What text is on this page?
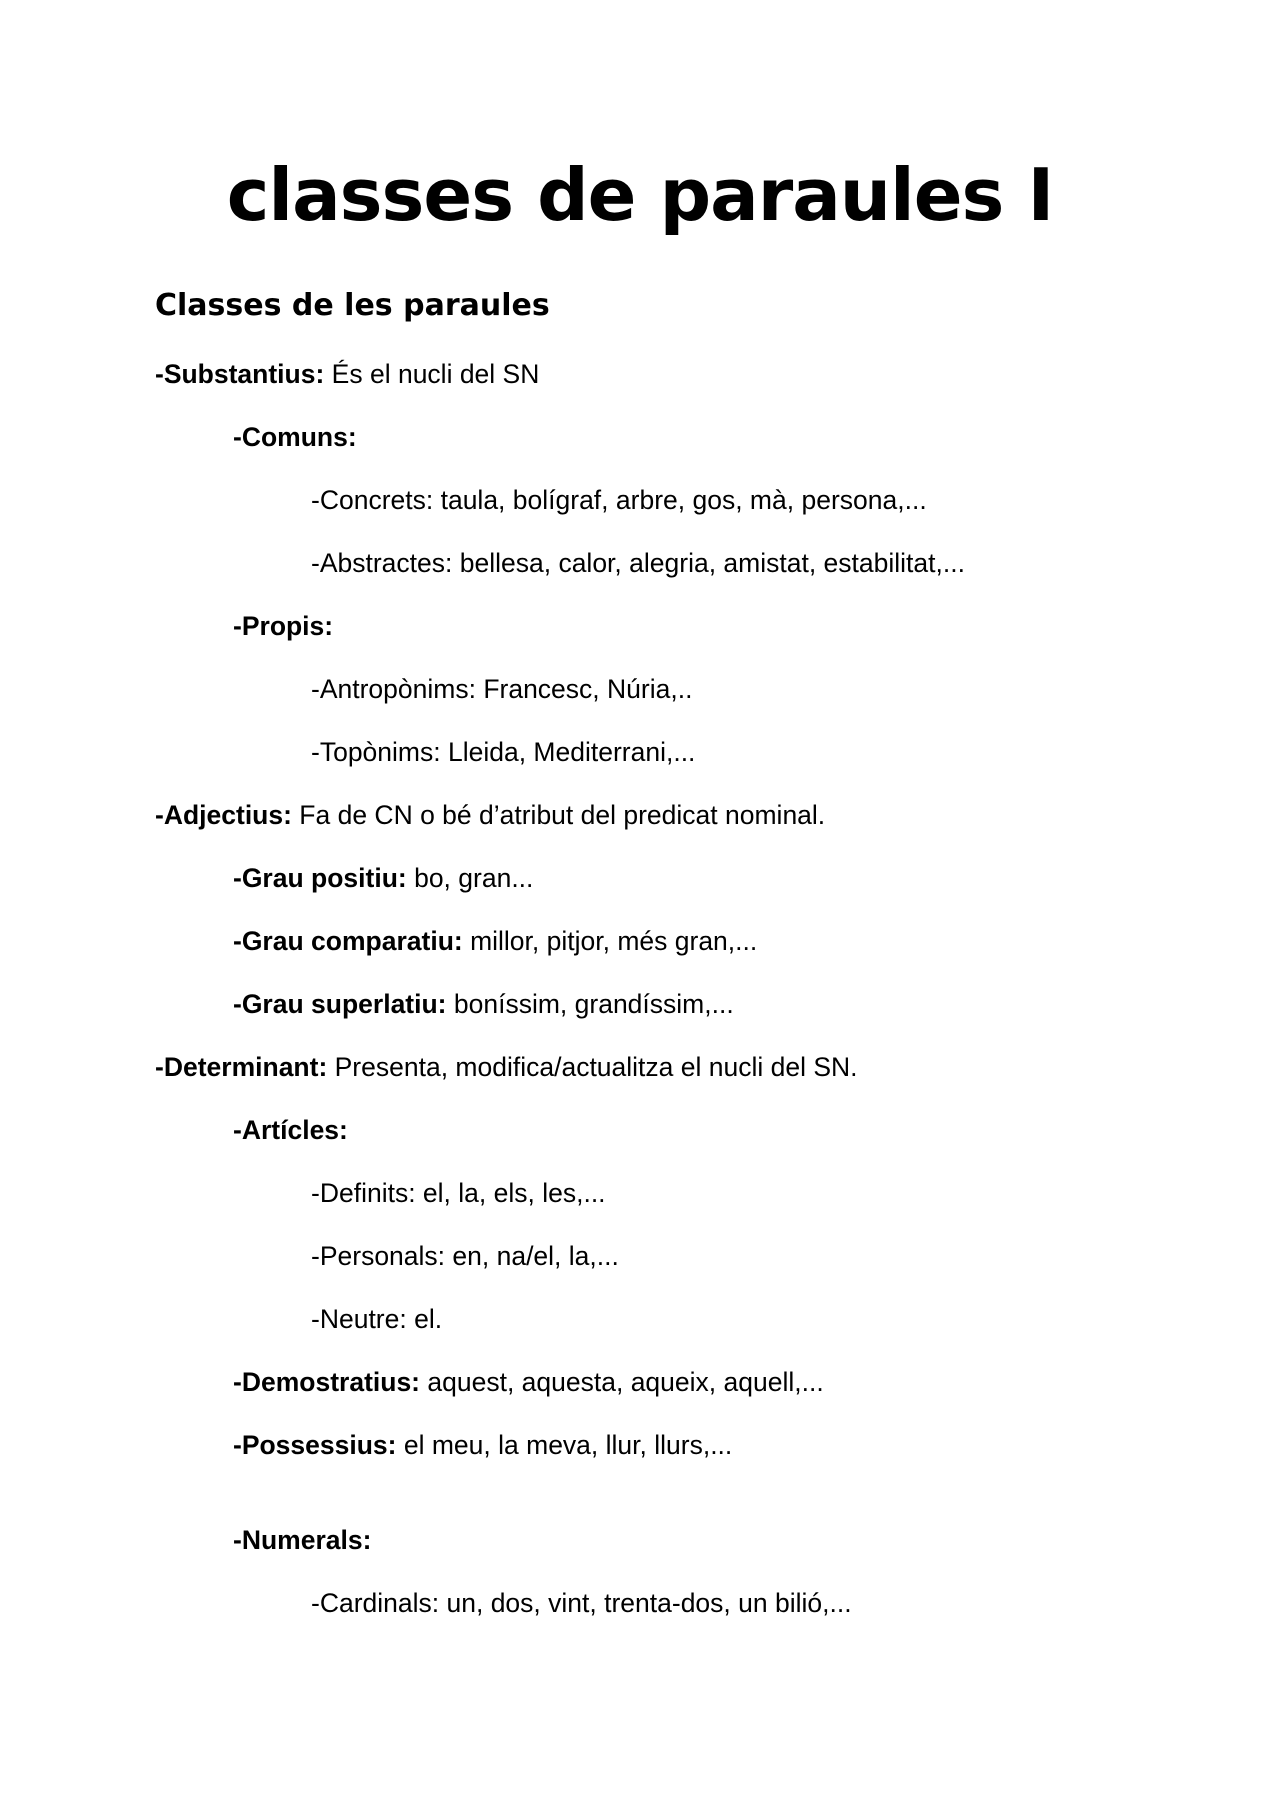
classes de paraules I
Classes de les paraules
-Substantius: És el nucli del SN
-Comuns:
-Concrets: taula, bolígraf, arbre, gos, mà, persona,...
-Abstractes: bellesa, calor, alegria, amistat, estabilitat,...
-Propis:
-Antropònims: Francesc, Núria,..
-Topònims: Lleida, Mediterrani,...
-Adjectius: Fa de CN o bé d’atribut del predicat nominal.
-Grau positiu: bo, gran...
-Grau comparatiu: millor, pitjor, més gran,...
-Grau superlatiu: boníssim, grandíssim,...
-Determinant: Presenta, modifica/actualitza el nucli del SN.
-Artícles:
-Definits: el, la, els, les,...
-Personals: en, na/el, la,...
-Neutre: el.
-Demostratius: aquest, aquesta, aqueix, aquell,...
-Possessius: el meu, la meva, llur, llurs,...
-Numerals:
-Cardinals: un, dos, vint, trenta-dos, un bilió,...
